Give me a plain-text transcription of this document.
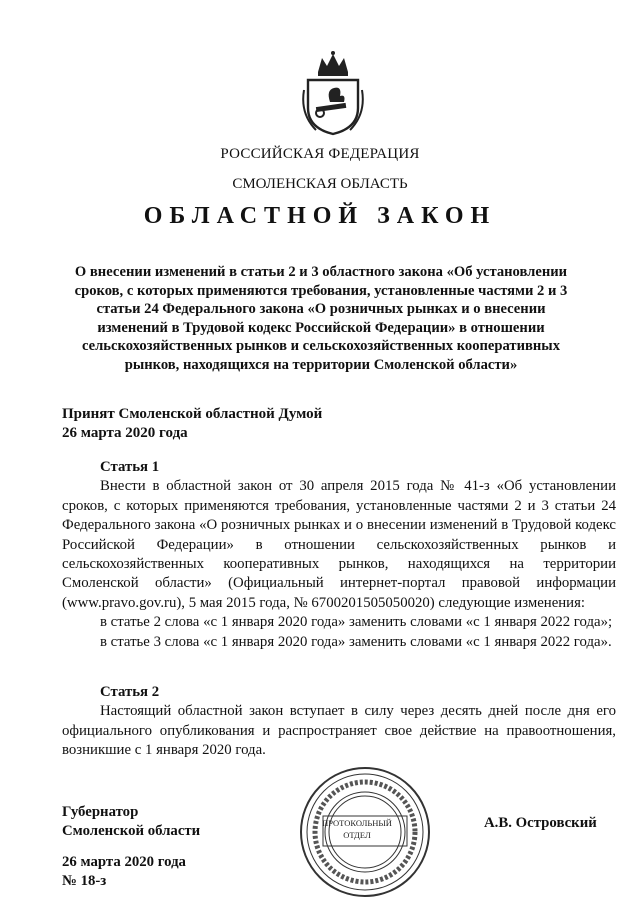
РОССИЙСКАЯ ФЕДЕРАЦИЯ
СМОЛЕНСКАЯ ОБЛАСТЬ
ОБЛАСТНОЙ ЗАКОН
О внесении изменений в статьи 2 и 3 областного закона «Об установлении сроков, с которых применяются требования, установленные частями 2 и 3 статьи 24 Федерального закона «О розничных рынках и о внесении изменений в Трудовой кодекс Российской Федерации» в отношении сельскохозяйственных рынков и сельскохозяйственных кооперативных рынков, находящихся на территории Смоленской области»
Принят Смоленской областной Думой
26 марта 2020 года
Статья 1

Внести в областной закон от 30 апреля 2015 года № 41-з «Об установлении сроков, с которых применяются требования, установленные частями 2 и 3 статьи 24 Федерального закона «О розничных рынках и о внесении изменений в Трудовой кодекс Российской Федерации» в отношении сельскохозяйственных рынков и сельскохозяйственных кооперативных рынков, находящихся на территории Смоленской области» (Официальный интернет-портал правовой информации (www.pravo.gov.ru), 5 мая 2015 года, № 6700201505050020) следующие изменения:

в статье 2 слова «с 1 января 2020 года» заменить словами «с 1 января 2022 года»;

в статье 3 слова «с 1 января 2020 года» заменить словами «с 1 января 2022 года».

Статья 2

Настоящий областной закон вступает в силу через десять дней после дня его официального опубликования и распространяет свое действие на правоотношения, возникшие с 1 января 2020 года.

ПРОТОКОЛЬНЫЙ
ОТДЕЛ
Губернатор
Смоленской области	А.В. Островский
26 марта 2020 года
№ 18-з
